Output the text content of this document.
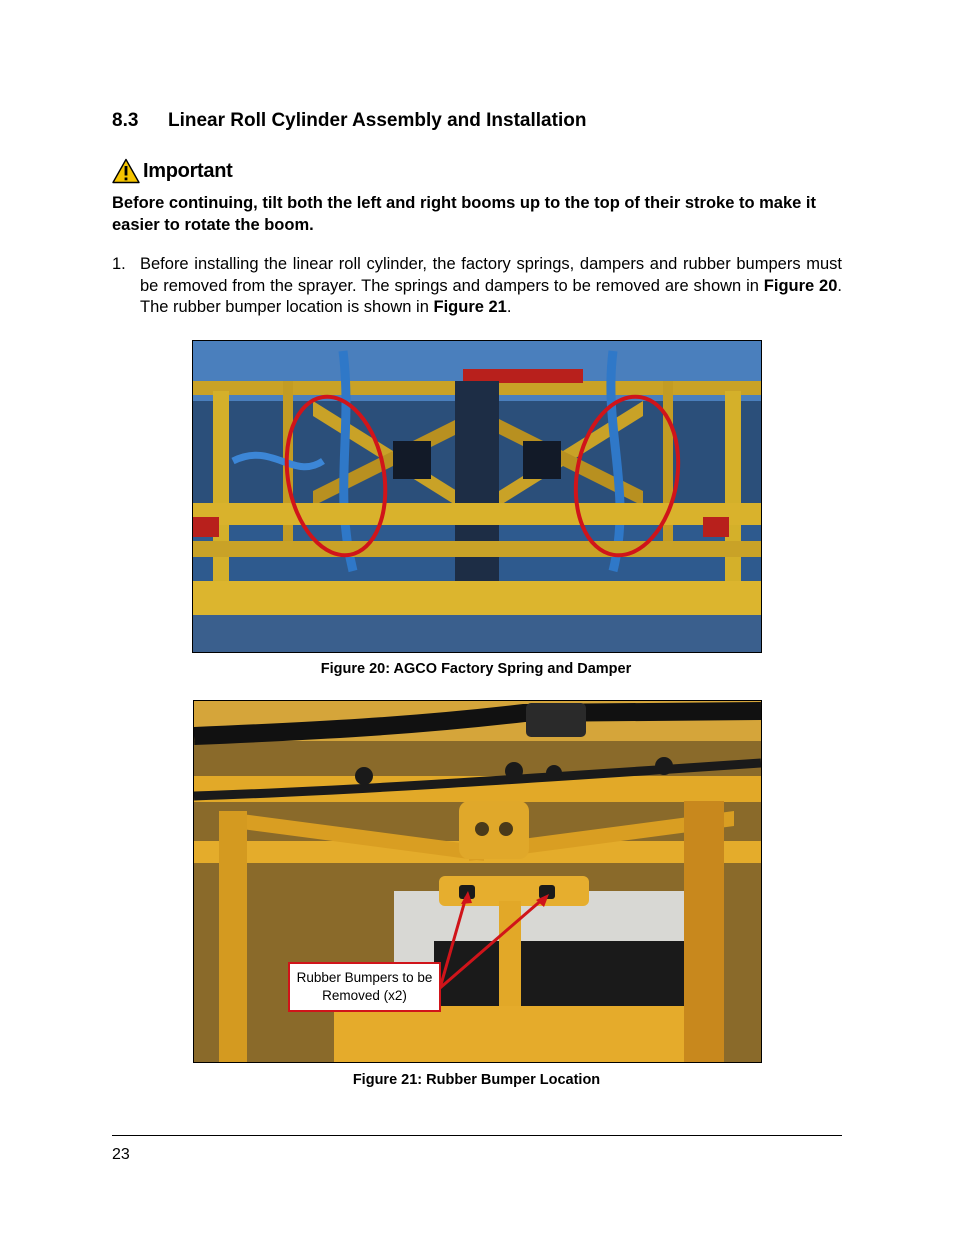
8.3 Linear Roll Cylinder Assembly and Installation
Important
Before continuing, tilt both the left and right booms up to the top of their stroke to make it easier to rotate the boom.
1. Before installing the linear roll cylinder, the factory springs, dampers and rubber bumpers must be removed from the sprayer. The springs and dampers to be removed are shown in Figure 20. The rubber bumper location is shown in Figure 21.
Figure 20: AGCO Factory Spring and Damper
Rubber Bumpers to be Removed (x2)
Figure 21: Rubber Bumper Location
23
